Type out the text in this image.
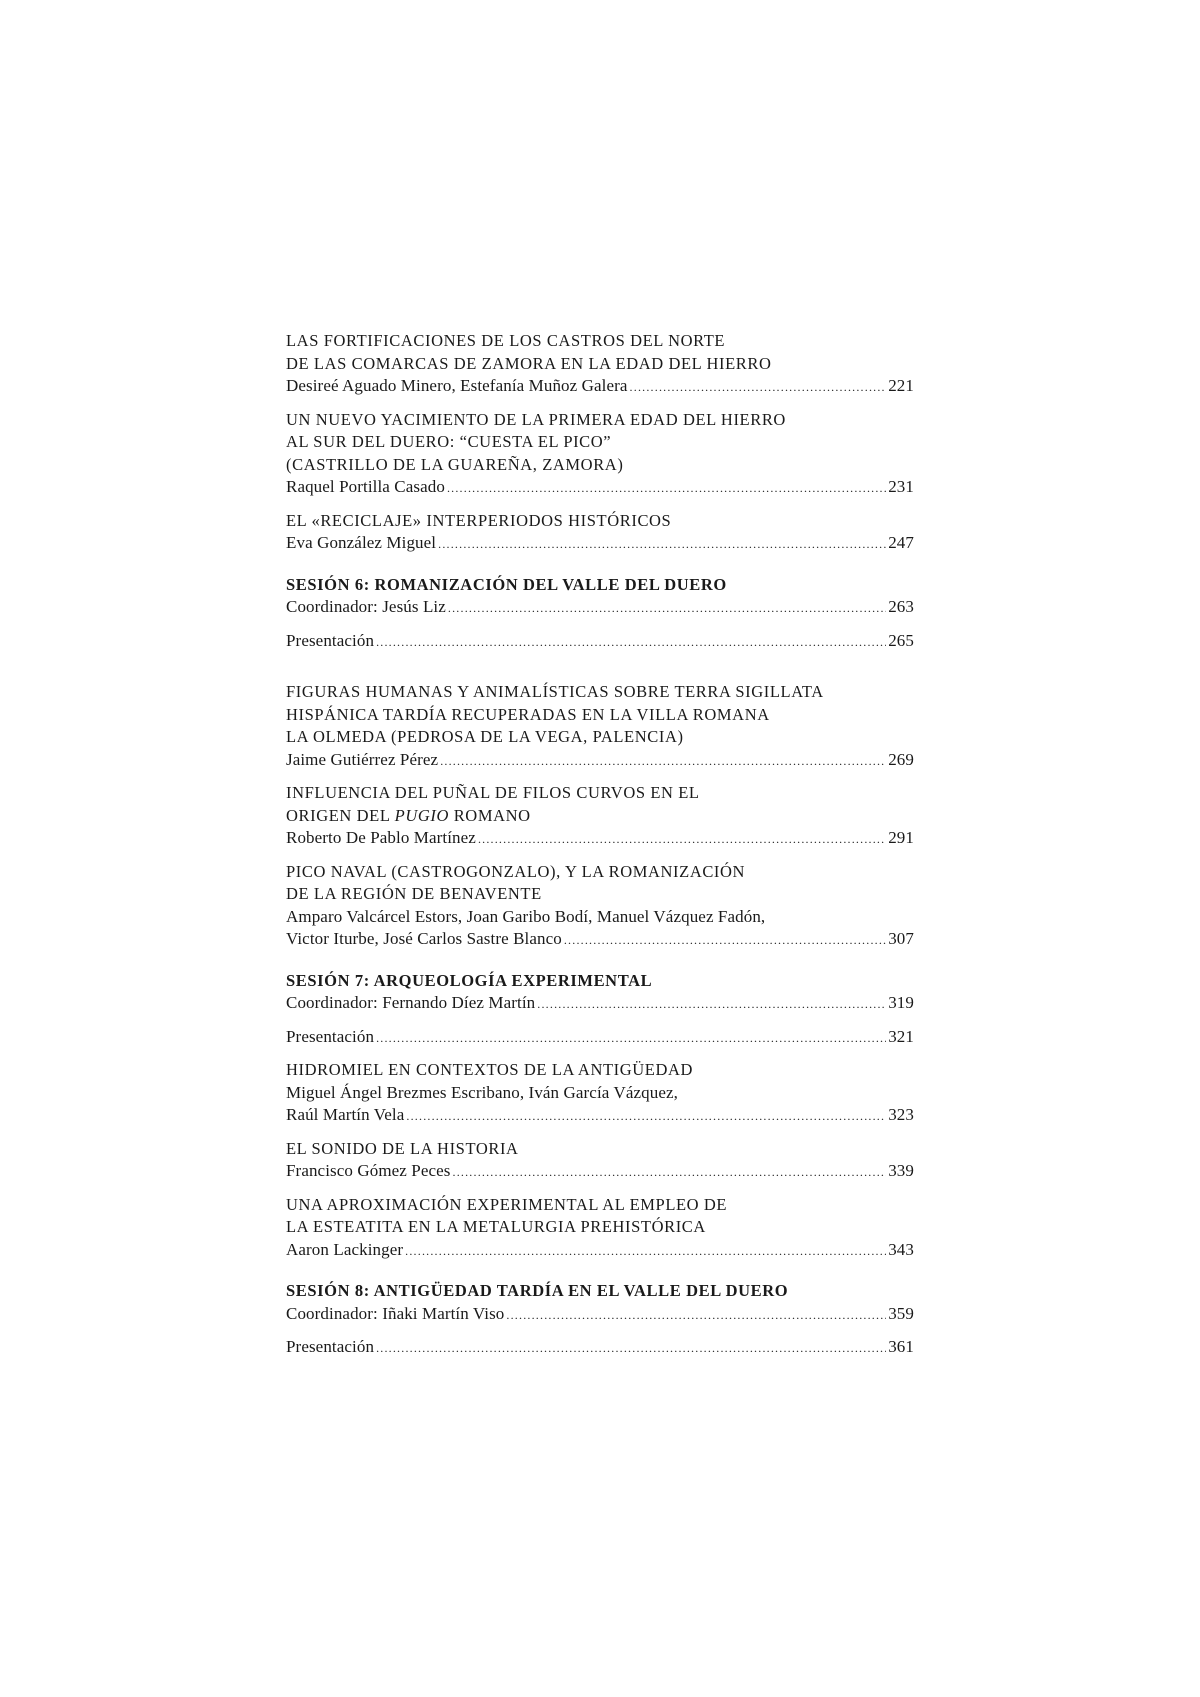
LAS FORTIFICACIONES DE LOS CASTROS DEL NORTE
DE LAS COMARCAS DE ZAMORA EN LA EDAD DEL HIERRO
Desireé Aguado Minero, Estefanía Muñoz Galera .....	221
UN NUEVO YACIMIENTO DE LA PRIMERA EDAD DEL HIERRO
AL SUR DEL DUERO: “CUESTA EL PICO”
(CASTRILLO DE LA GUAREÑA, ZAMORA)
Raquel Portilla Casado .....	231
EL «RECICLAJE» INTERPERIODOS HISTÓRICOS
Eva González Miguel .....	247
SESIÓN 6: ROMANIZACIÓN DEL VALLE DEL DUERO
Coordinador: Jesús Liz .....	263
Presentación .....	265
FIGURAS HUMANAS Y ANIMALÍSTICAS SOBRE TERRA SIGILLATA
HISPÁNICA TARDÍA RECUPERADAS EN LA VILLA ROMANA
LA OLMEDA (PEDROSA DE LA VEGA, PALENCIA)
Jaime Gutiérrez Pérez .....	269
INFLUENCIA DEL PUÑAL DE FILOS CURVOS EN EL
ORIGEN DEL PUGIO ROMANO
Roberto De Pablo Martínez .....	291
PICO NAVAL (CASTROGONZALO), Y LA ROMANIZACIÓN
DE LA REGIÓN DE BENAVENTE
Amparo Valcárcel Estors, Joan Garibo Bodí, Manuel Vázquez Fadón,
Victor Iturbe, José Carlos Sastre Blanco .....	307
SESIÓN 7: ARQUEOLOGÍA EXPERIMENTAL
Coordinador: Fernando Díez Martín .....	319
Presentación .....	321
HIDROMIEL EN CONTEXTOS DE LA ANTIGÜEDAD
Miguel Ángel Brezmes Escribano, Iván García Vázquez,
Raúl Martín Vela .....	323
EL SONIDO DE LA HISTORIA
Francisco Gómez Peces .....	339
UNA APROXIMACIÓN EXPERIMENTAL AL EMPLEO DE
LA ESTEATITA EN LA METALURGIA PREHISTÓRICA
Aaron Lackinger .....	343
SESIÓN 8: ANTIGÜEDAD TARDÍA EN EL VALLE DEL DUERO
Coordinador: Iñaki Martín Viso .....	359
Presentación .....	361
